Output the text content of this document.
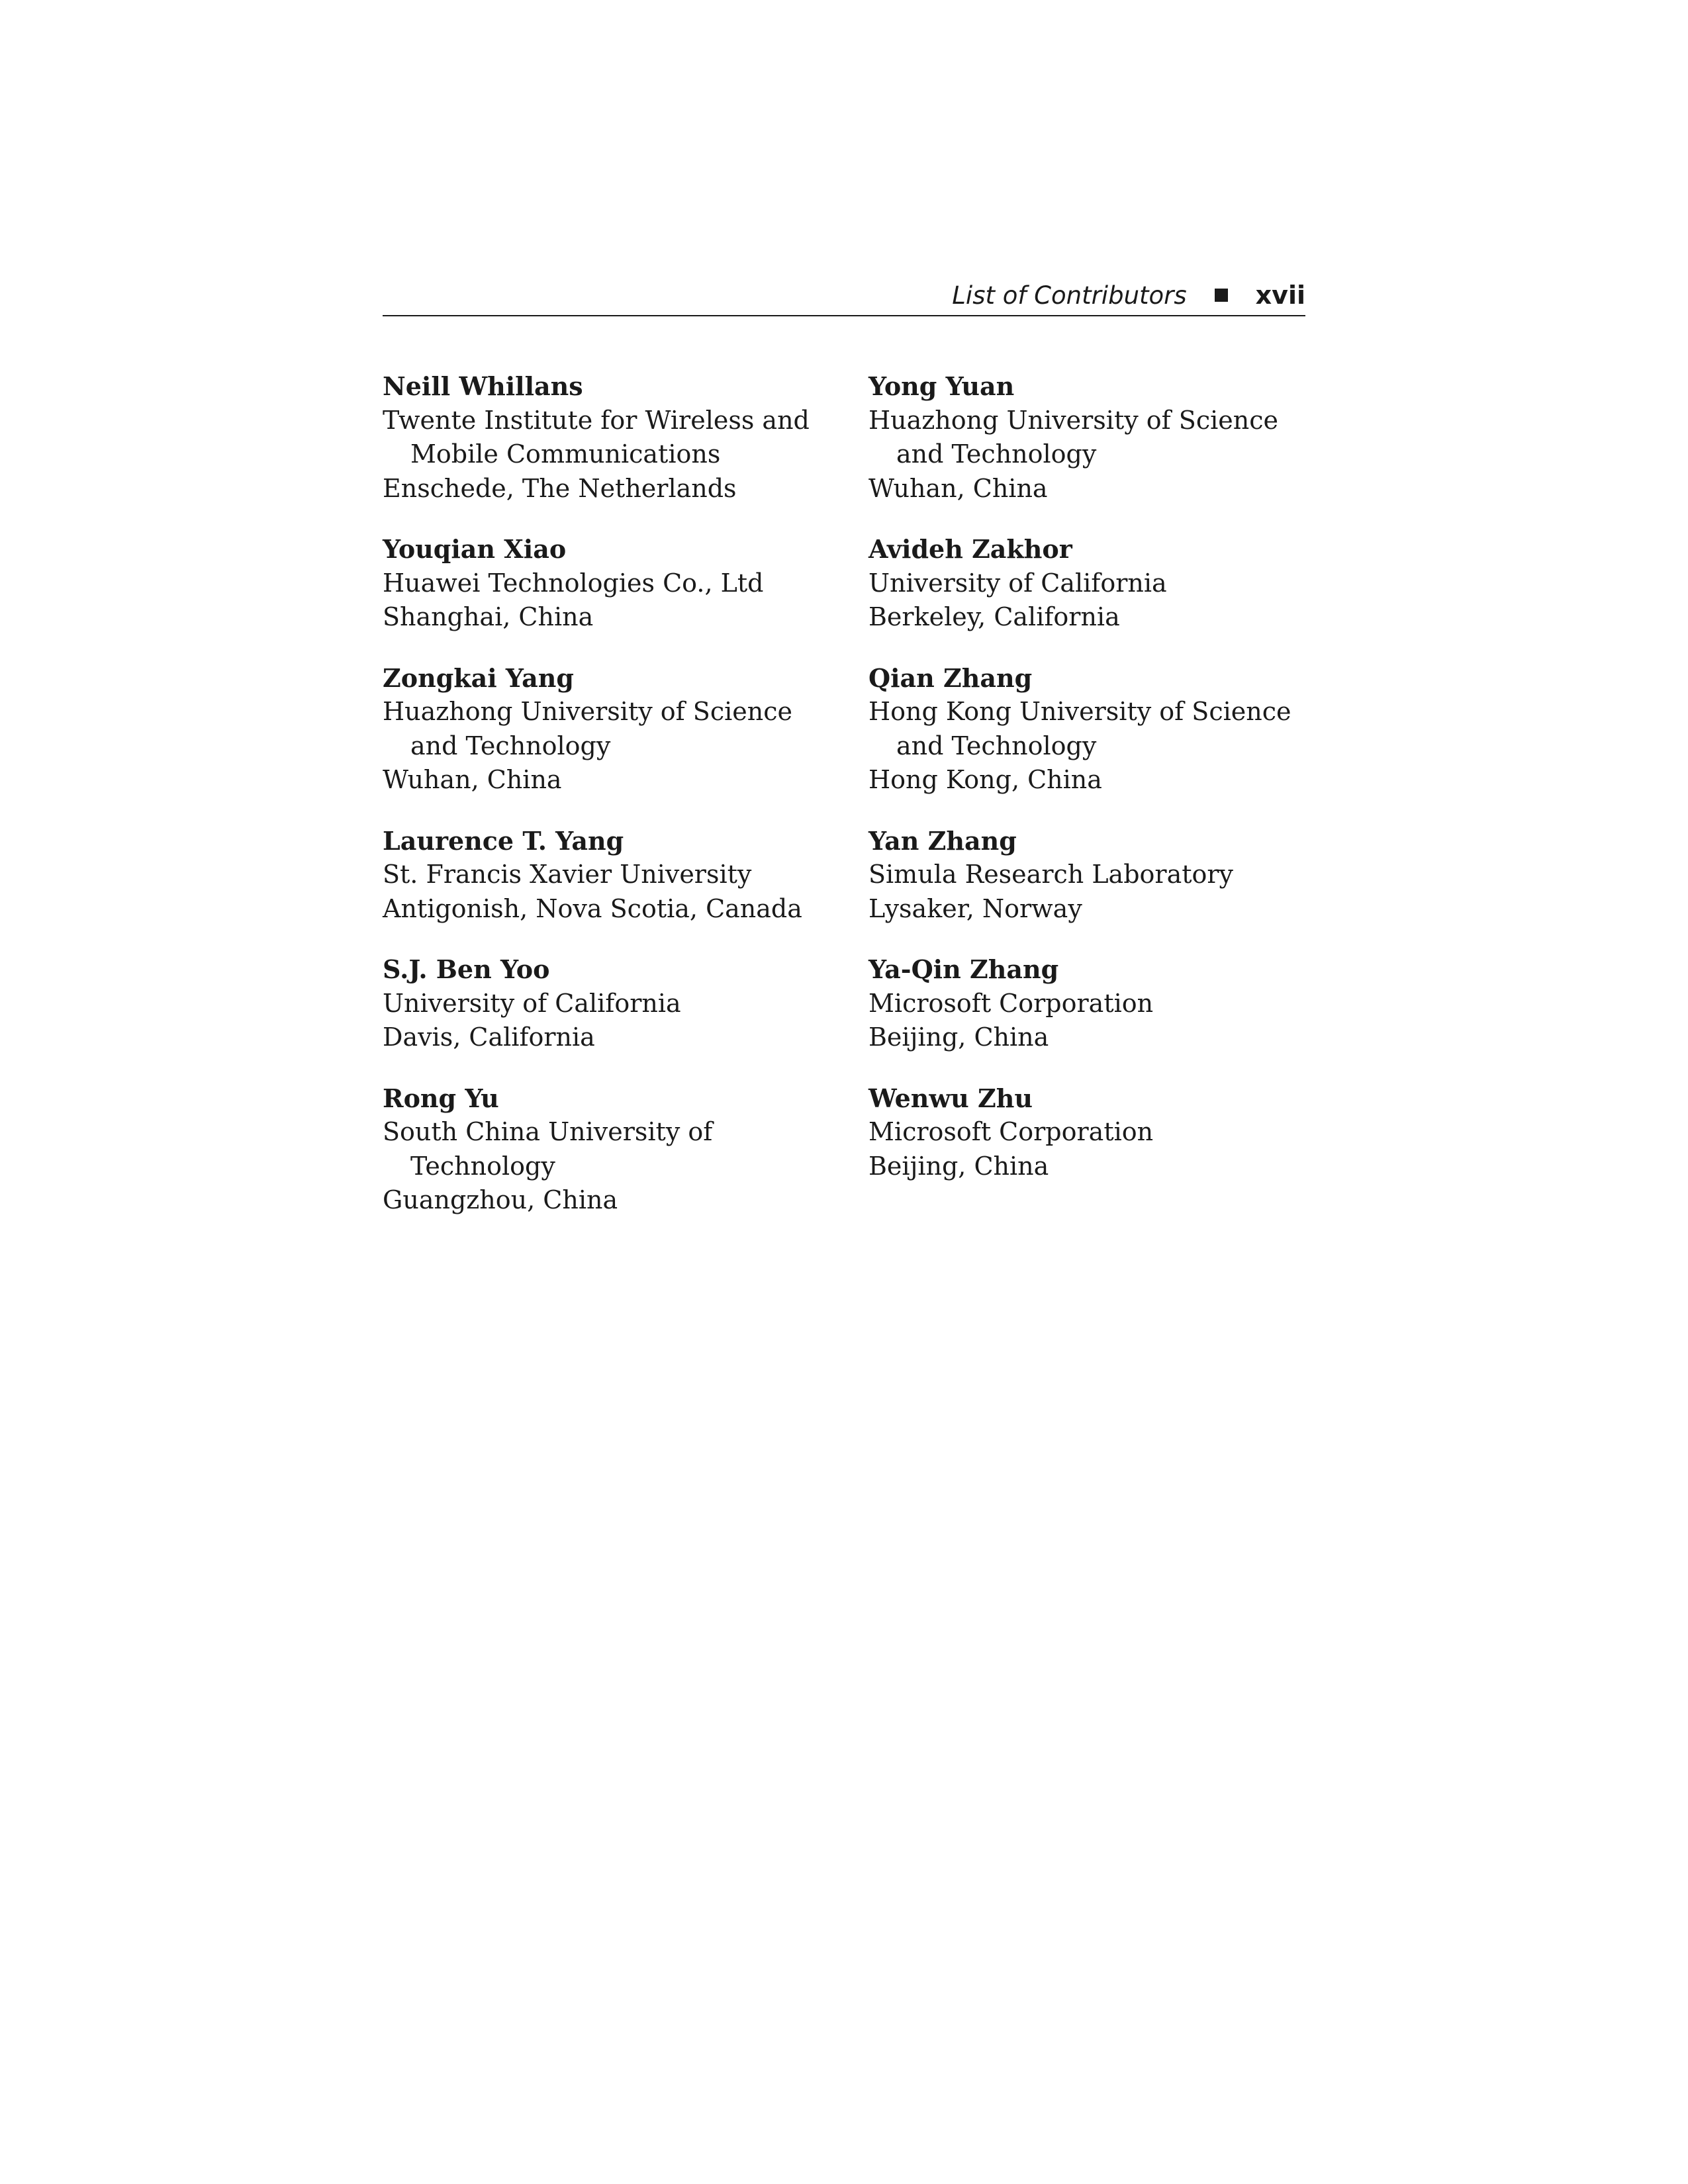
List of Contributors	xvii
Neill Whillans
Twente Institute for Wireless and
Mobile Communications
Enschede, The Netherlands
Youqian Xiao
Huawei Technologies Co., Ltd
Shanghai, China
Zongkai Yang
Huazhong University of Science
and Technology
Wuhan, China
Laurence T. Yang
St. Francis Xavier University
Antigonish, Nova Scotia, Canada
S.J. Ben Yoo
University of California
Davis, California
Rong Yu
South China University of
Technology
Guangzhou, China
Yong Yuan
Huazhong University of Science
and Technology
Wuhan, China
Avideh Zakhor
University of California
Berkeley, California
Qian Zhang
Hong Kong University of Science
and Technology
Hong Kong, China
Yan Zhang
Simula Research Laboratory
Lysaker, Norway
Ya-Qin Zhang
Microsoft Corporation
Beijing, China
Wenwu Zhu
Microsoft Corporation
Beijing, China
